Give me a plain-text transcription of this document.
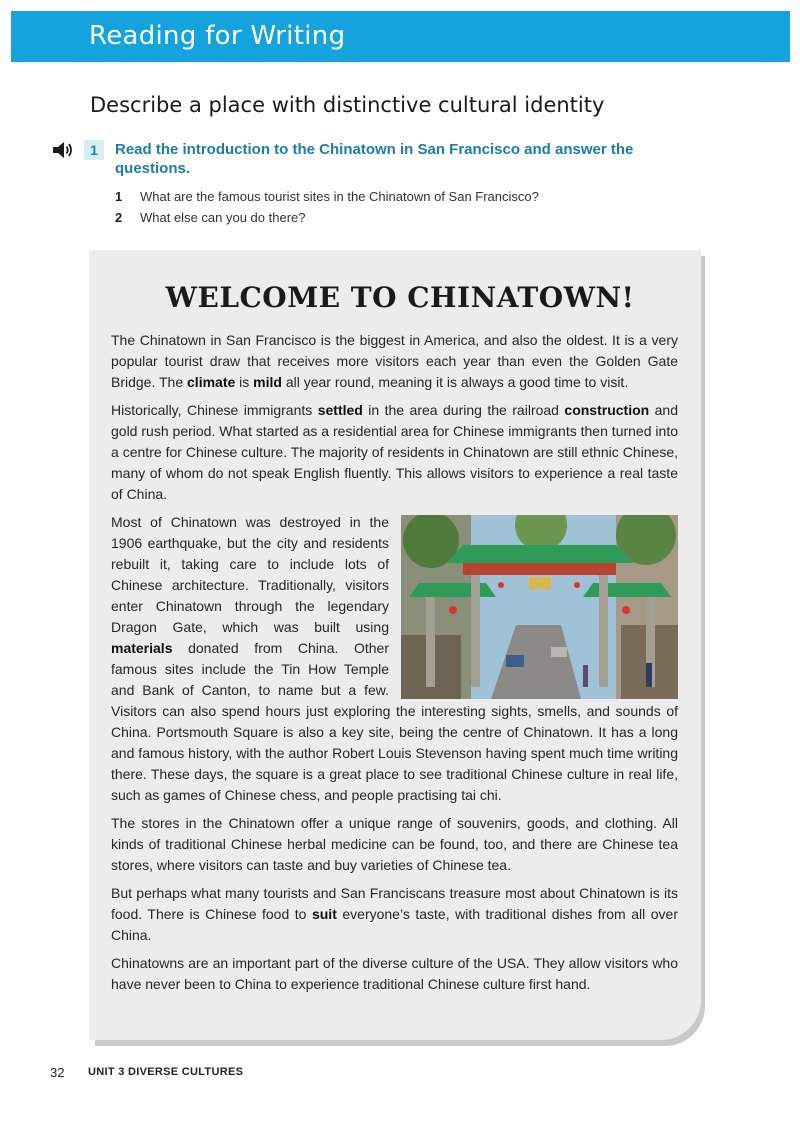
Reading for Writing
Describe a place with distinctive cultural identity
1	Read the introduction to the Chinatown in San Francisco and answer the questions.
1	What are the famous tourist sites in the Chinatown of San Francisco?
2	What else can you do there?
WELCOME TO CHINATOWN!

The Chinatown in San Francisco is the biggest in America, and also the oldest. It is a very popular tourist draw that receives more visitors each year than even the Golden Gate Bridge. The climate is mild all year round, meaning it is always a good time to visit.

Historically, Chinese immigrants settled in the area during the railroad construction and gold rush period. What started as a residential area for Chinese immigrants then turned into a centre for Chinese culture. The majority of residents in Chinatown are still ethnic Chinese, many of whom do not speak English fluently. This allows visitors to experience a real taste of China.

Most of Chinatown was destroyed in the 1906 earthquake, but the city and residents rebuilt it, taking care to include lots of Chinese architecture. Traditionally, visitors enter Chinatown through the legendary Dragon Gate, which was built using materials donated from China. Other famous sites include the Tin How Temple and Bank of Canton, to name but a few. Visitors can also spend hours just exploring the interesting sights, smells, and sounds of China. Portsmouth Square is also a key site, being the centre of Chinatown. It has a long and famous history, with the author Robert Louis Stevenson having spent much time writing there. These days, the square is a great place to see traditional Chinese culture in real life, such as games of Chinese chess, and people practising tai chi.

The stores in the Chinatown offer a unique range of souvenirs, goods, and clothing. All kinds of traditional Chinese herbal medicine can be found, too, and there are Chinese tea stores, where visitors can taste and buy varieties of Chinese tea.

But perhaps what many tourists and San Franciscans treasure most about Chinatown is its food. There is Chinese food to suit everyone’s taste, with traditional dishes from all over China.

Chinatowns are an important part of the diverse culture of the USA. They allow visitors who have never been to China to experience traditional Chinese culture first hand.

32 UNIT 3 DIVERSE CULTURES
